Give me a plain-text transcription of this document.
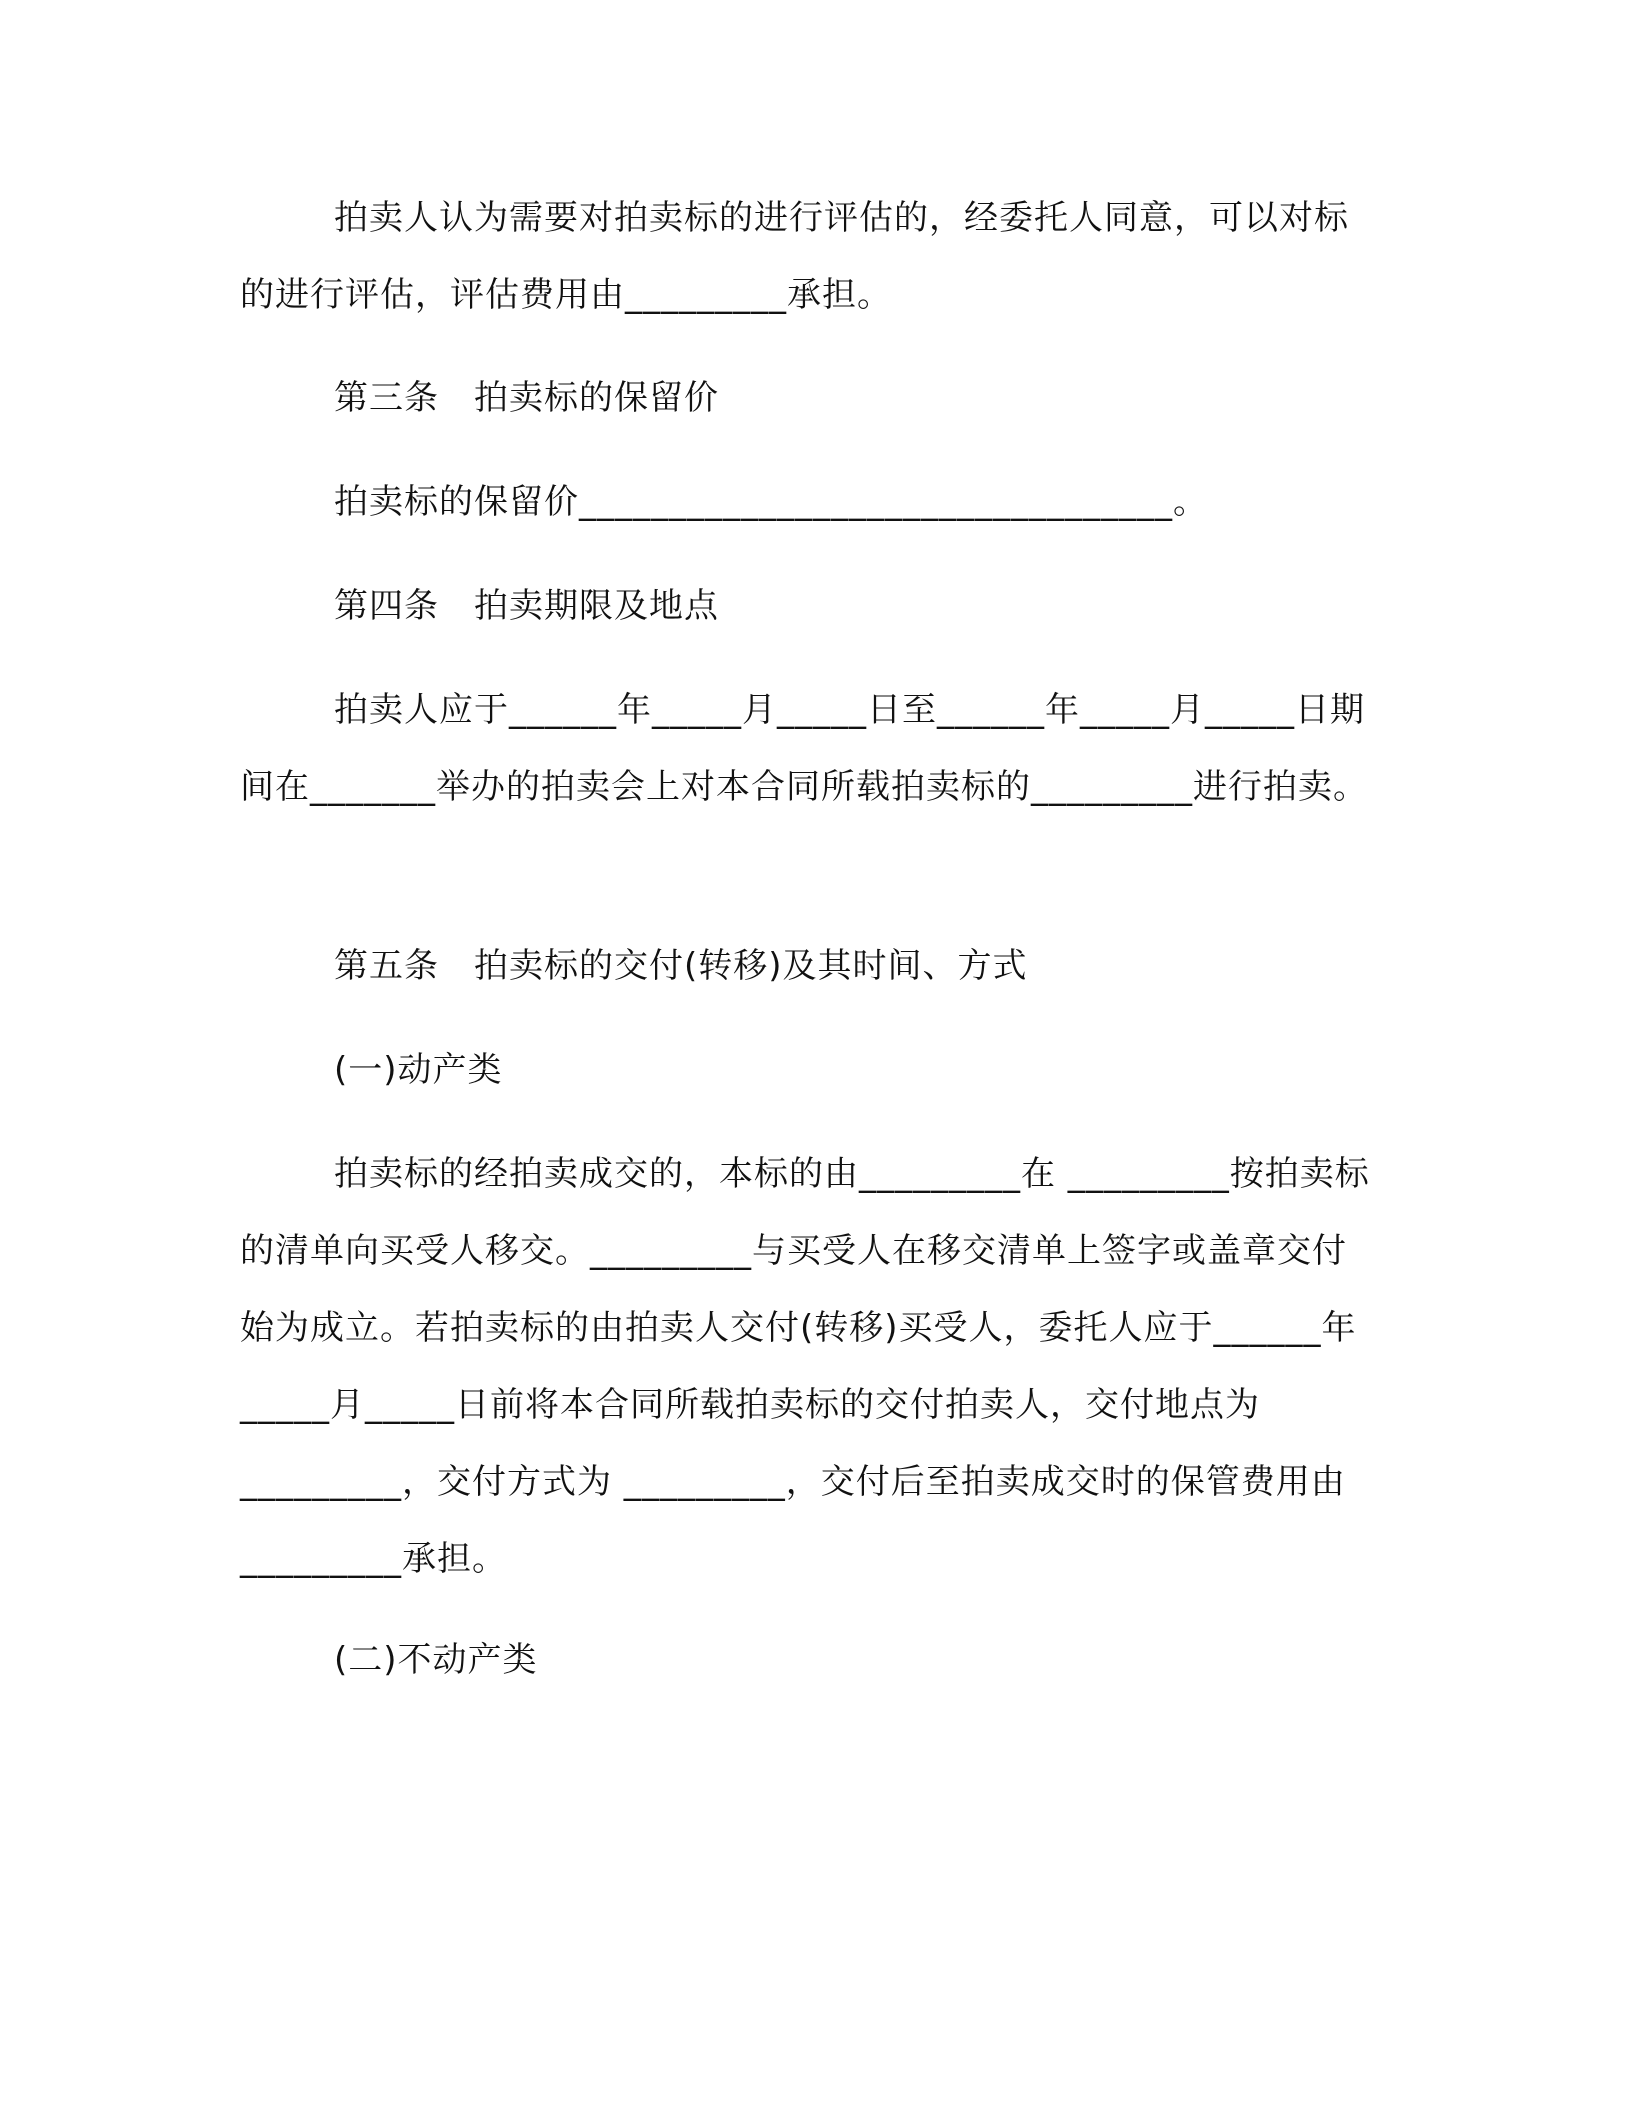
拍卖人认为需要对拍卖标的进行评估的，经委托人同意，可以对标的进行评估，评估费用由_________承担。

第三条　拍卖标的保留价

拍卖标的保留价_________________________________。

第四条　拍卖期限及地点

拍卖人应于______年_____月_____日至______年_____月_____日期间在_______举办的拍卖会上对本合同所载拍卖标的_________进行拍卖。

第五条　拍卖标的交付(转移)及其时间、方式

(一)动产类

拍卖标的经拍卖成交的，本标的由_________在 _________按拍卖标的清单向买受人移交。_________与买受人在移交清单上签字或盖章交付始为成立。若拍卖标的由拍卖人交付(转移)买受人，委托人应于______年_____月_____日前将本合同所载拍卖标的交付拍卖人，交付地点为_________，交付方式为 _________，交付后至拍卖成交时的保管费用由_________承担。

(二)不动产类
